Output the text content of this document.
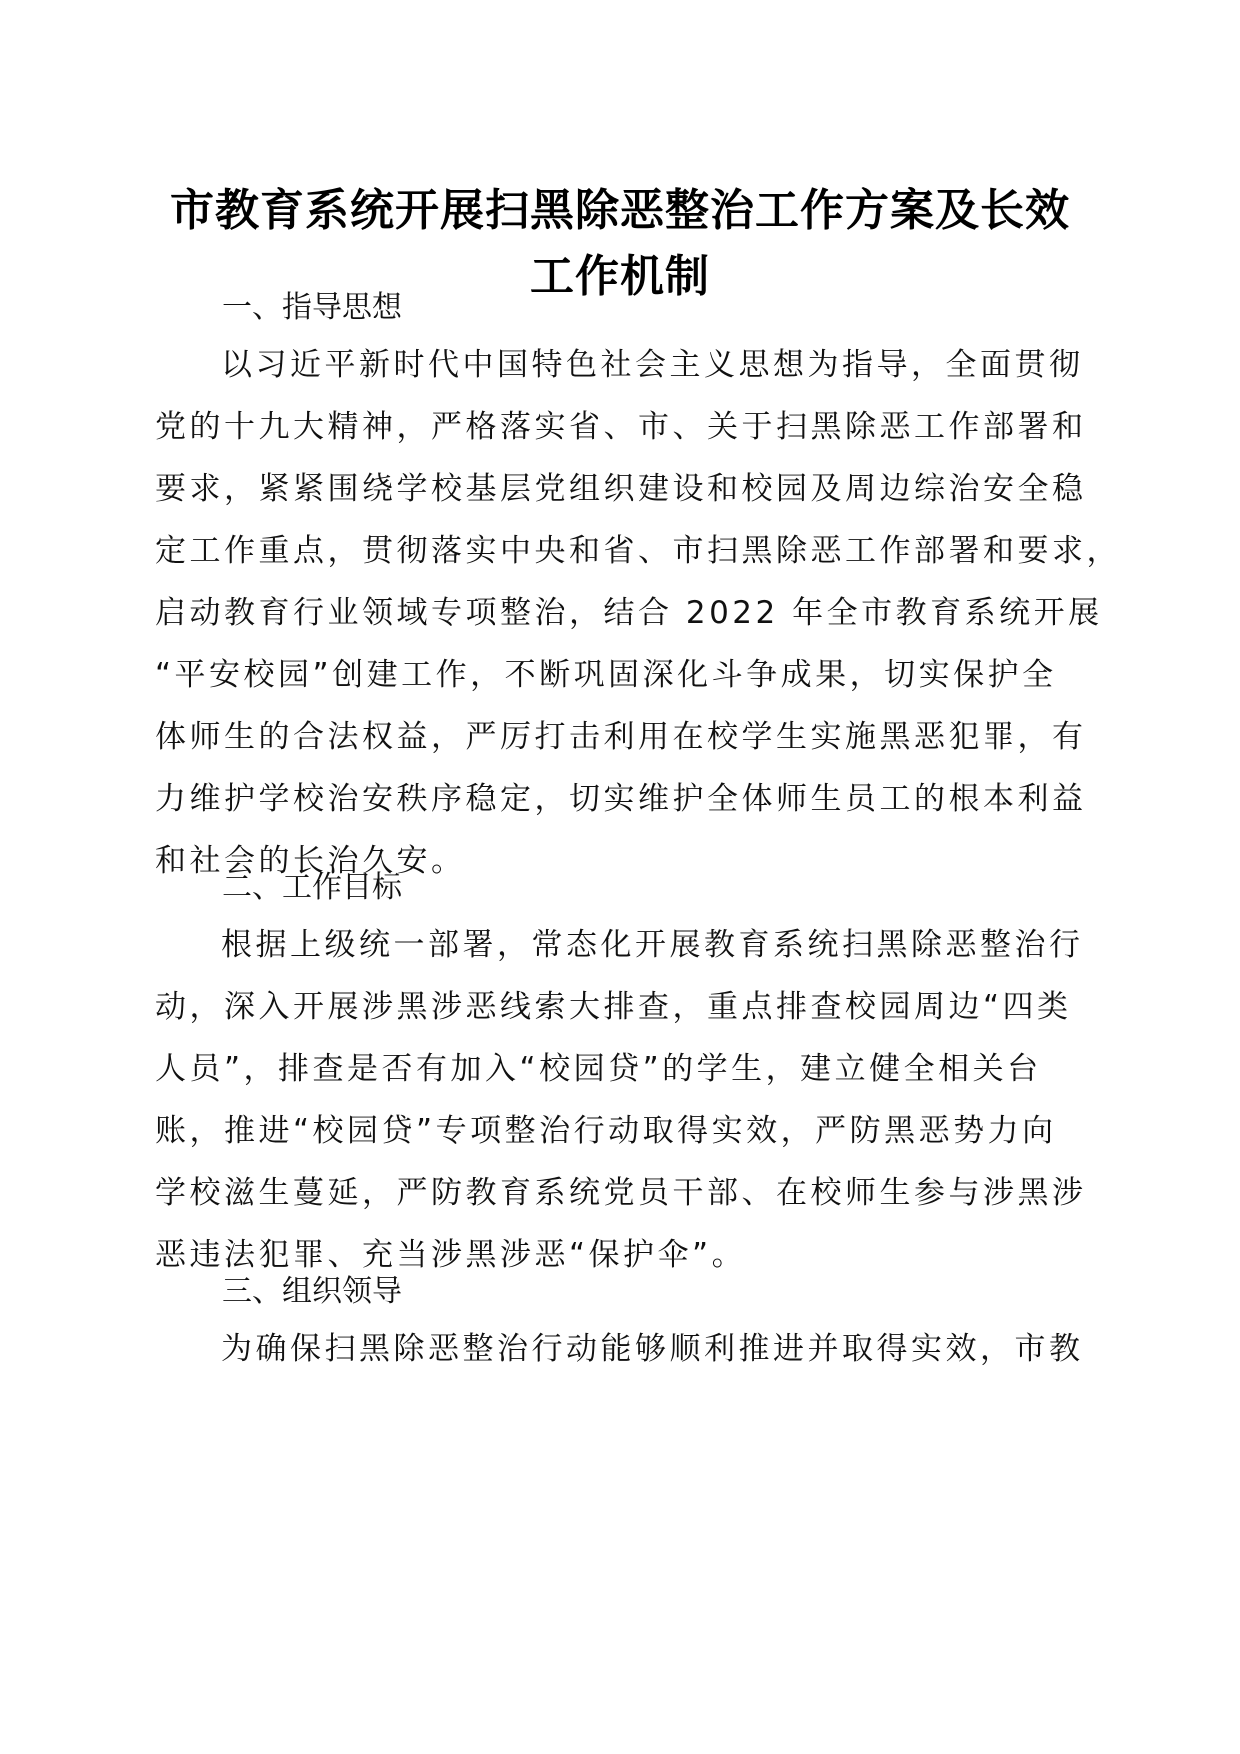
市教育系统开展扫黑除恶整治工作方案及长效
工作机制
一、指导思想
以习近平新时代中国特色社会主义思想为指导，全面贯彻
党的十九大精神，严格落实省、市、关于扫黑除恶工作部署和
要求，紧紧围绕学校基层党组织建设和校园及周边综治安全稳
定工作重点，贯彻落实中央和省、市扫黑除恶工作部署和要求，
启动教育行业领域专项整治，结合 2022 年全市教育系统开展
“平安校园”创建工作，不断巩固深化斗争成果，切实保护全
体师生的合法权益，严厉打击利用在校学生实施黑恶犯罪，有
力维护学校治安秩序稳定，切实维护全体师生员工的根本利益
和社会的长治久安。
二、工作目标
根据上级统一部署，常态化开展教育系统扫黑除恶整治行
动，深入开展涉黑涉恶线索大排查，重点排查校园周边“四类
人员”，排查是否有加入“校园贷”的学生，建立健全相关台
账，推进“校园贷”专项整治行动取得实效，严防黑恶势力向
学校滋生蔓延，严防教育系统党员干部、在校师生参与涉黑涉
恶违法犯罪、充当涉黑涉恶“保护伞”。
三、组织领导
为确保扫黑除恶整治行动能够顺利推进并取得实效，市教
